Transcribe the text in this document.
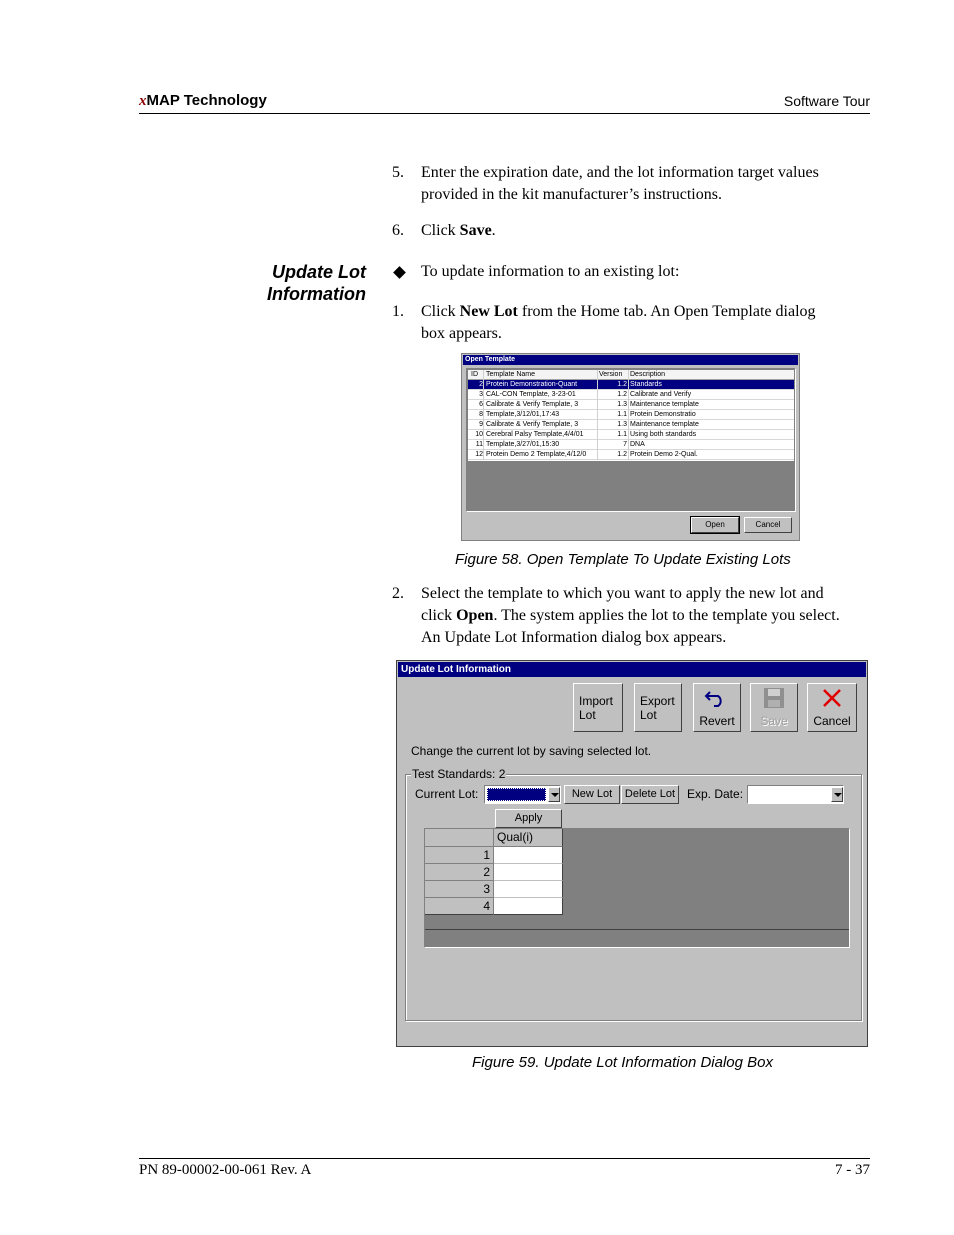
xMAP Technology	Software Tour
5. Enter the expiration date, and the lot information target values
provided in the kit manufacturer’s instructions.
6. Click Save.
Update Lot
Information
To update information to an existing lot:
1. Click New Lot from the Home tab. An Open Template dialog
box appears.
Open Template
ID Template Name	Version Description
2 Protein Demonstration-Quant	1.2 Standards
3 CAL-CON Template, 3-23-01	1.2 Calibrate and Verify
6 Calibrate & Verify Template, 3	1.3 Maintenance template
8 Template,3/12/01,17:43	1.1 Protein Demonstratio
9 Calibrate & Verify Template, 3	1.3 Maintenance template
10 Cerebral Palsy Template,4/4/01	1.1 Using both standards
11 Template,3/27/01,15:30	7 DNA
12 Protein Demo 2 Template,4/12/0	1.2 Protein Demo 2-Qual.
Open	Cancel
Figure 58. Open Template To Update Existing Lots
2. Select the template to which you want to apply the new lot and
click Open. The system applies the lot to the template you select.
An Update Lot Information dialog box appears.
Update Lot Information
Import
Lot
Export
Lot	Revert	Save	Cancel
Change the current lot by saving selected lot.
Test Standards: 2
Current Lot:	New Lot	Delete Lot Exp. Date:
Apply
Qual(i)
1
2
3
4
Figure 59. Update Lot Information Dialog Box
PN 89-00002-00-061 Rev. A	7 - 37
